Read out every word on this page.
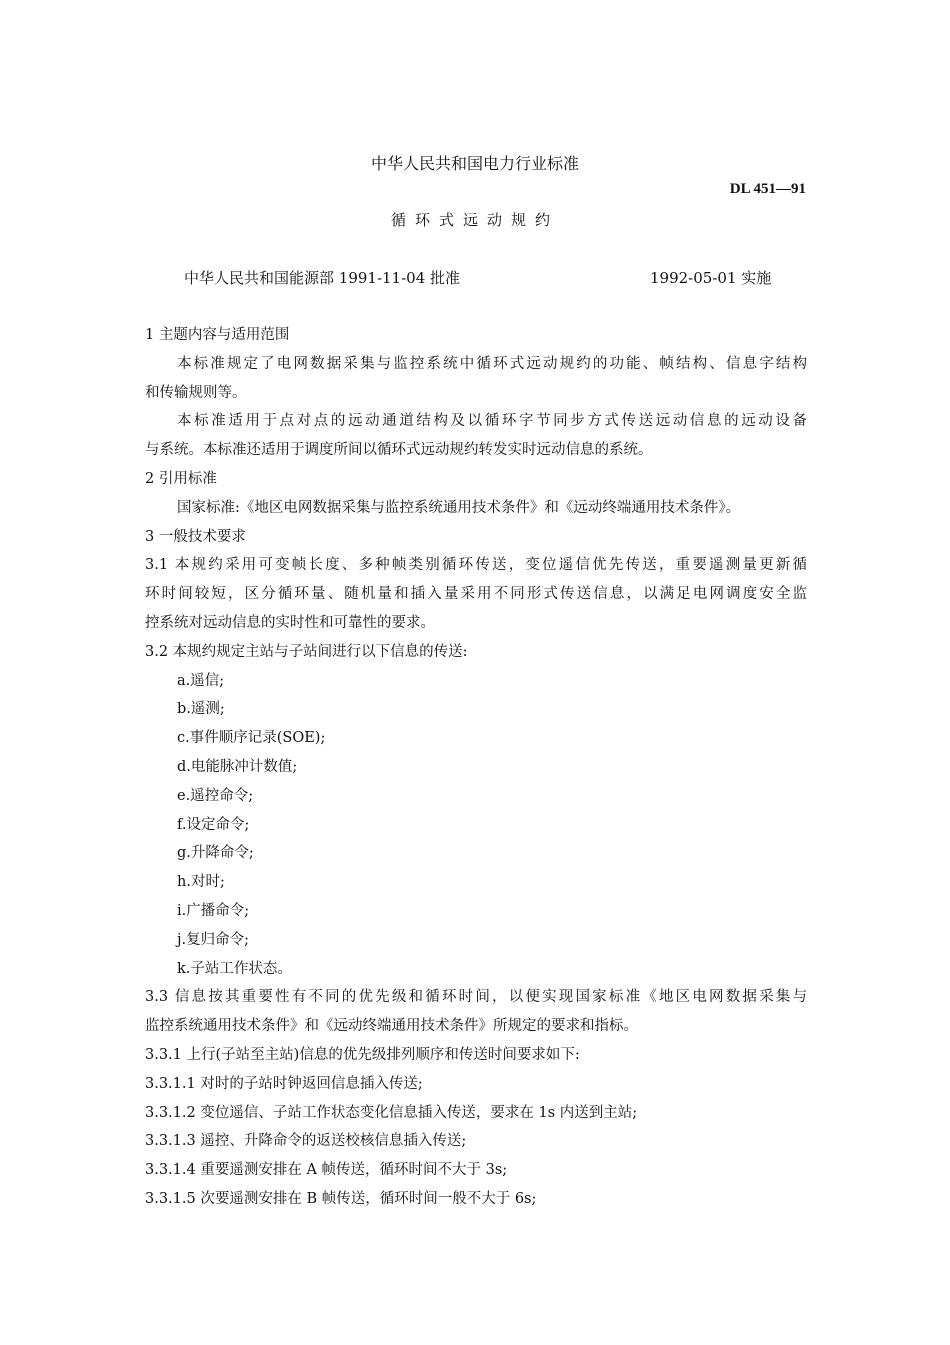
中华人民共和国电力行业标准
DL 451—91
循环式远动规约
中华人民共和国能源部 1991-11-04 批准	1992-05-01 实施
1 主题内容与适用范围
本标准规定了电网数据采集与监控系统中循环式远动规约的功能、帧结构、信息字结构
和传输规则等。
本标准适用于点对点的远动通道结构及以循环字节同步方式传送远动信息的远动设备
与系统。本标准还适用于调度所间以循环式远动规约转发实时远动信息的系统。
2 引用标准
国家标准:《地区电网数据采集与监控系统通用技术条件》和《远动终端通用技术条件》。
3 一般技术要求
3.1 本规约采用可变帧长度、多种帧类别循环传送，变位遥信优先传送，重要遥测量更新循
环时间较短，区分循环量、随机量和插入量采用不同形式传送信息，以满足电网调度安全监
控系统对远动信息的实时性和可靠性的要求。
3.2 本规约规定主站与子站间进行以下信息的传送:
a.遥信;
b.遥测;
c.事件顺序记录(SOE);
d.电能脉冲计数值;
e.遥控命令;
f.设定命令;
g.升降命令;
h.对时;
i.广播命令;
j.复归命令;
k.子站工作状态。
3.3 信息按其重要性有不同的优先级和循环时间，以便实现国家标准《地区电网数据采集与
监控系统通用技术条件》和《远动终端通用技术条件》所规定的要求和指标。
3.3.1 上行(子站至主站)信息的优先级排列顺序和传送时间要求如下:
3.3.1.1 对时的子站时钟返回信息插入传送;
3.3.1.2 变位遥信、子站工作状态变化信息插入传送，要求在 1s 内送到主站;
3.3.1.3 遥控、升降命令的返送校核信息插入传送;
3.3.1.4 重要遥测安排在 A 帧传送，循环时间不大于 3s;
3.3.1.5 次要遥测安排在 B 帧传送，循环时间一般不大于 6s;
